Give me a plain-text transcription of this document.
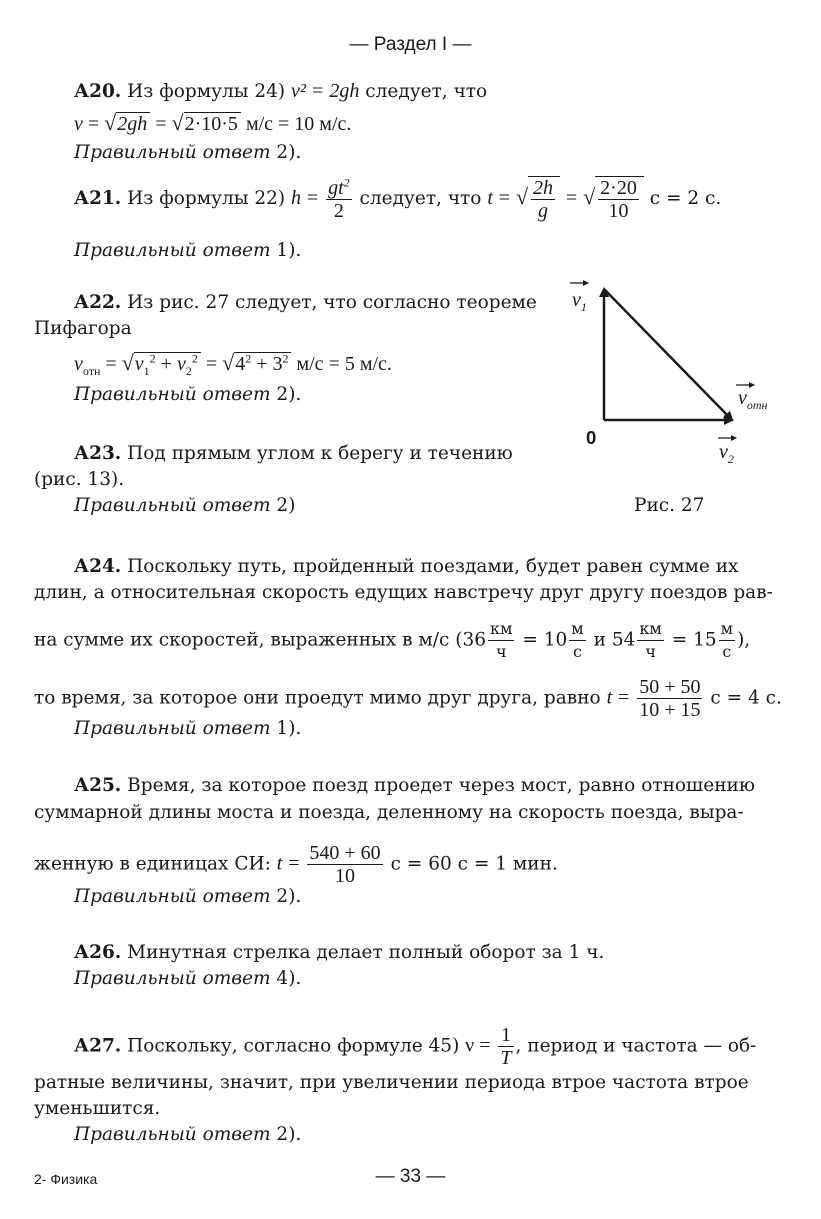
— Раздел I —
А20. Из формулы 24) v² = 2gh следует, что
v = √2gh = √2·10·5 м/с = 10 м/с.
Правильный ответ 2).
А21. Из формулы 22) $h = \frac{gt^2}{2}$ следует, что t = √ $\frac{2h}{g}$ = √ $\frac{2\cdot 20}{10}$ с = 2 с.
Правильный ответ 1).
А22. Из рис. 27 следует, что согласно теореме
Пифагора
$v_{отн} = √v_1^2 + v_2^2 = √4^2 + 3^2$ м/с = 5 м/с.
Правильный ответ 2).
А23. Под прямым углом к берегу и течению
(рис. 13).
Правильный ответ 2)
$v_1$
$v_{отн}$
$v_2$
0
Рис. 27
А24. Поскольку путь, пройденный поездами, будет равен сумме их
длин, а относительная скорость едущих навстречу друг другу поездов рав-
на сумме их скоростей, выраженных в м/с ($36 \frac{км}{ч} = 10 \frac{м}{с}$ и $54 \frac{км}{ч} = 15 \frac{м}{с}$ ),
то время, за которое они проедут мимо друг друга, равно $t = \frac{50 + 50}{10 + 15}$ с = 4 с.
Правильный ответ 1).
А25. Время, за которое поезд проедет через мост, равно отношению
суммарной длины моста и поезда, деленному на скорость поезда, выра-
женную в единицах СИ: $t = \frac{540 + 60}{10}$ с = 60 с = 1 мин.
Правильный ответ 2).
А26. Минутная стрелка делает полный оборот за 1 ч.
Правильный ответ 4).
А27. Поскольку, согласно формуле 45) $\nu = \frac{1}{T}$ , период и частота — об-
ратные величины, значит, при увеличении периода втрое частота втрое
уменьшится.
Правильный ответ 2).
2- Физика	— 33 —
